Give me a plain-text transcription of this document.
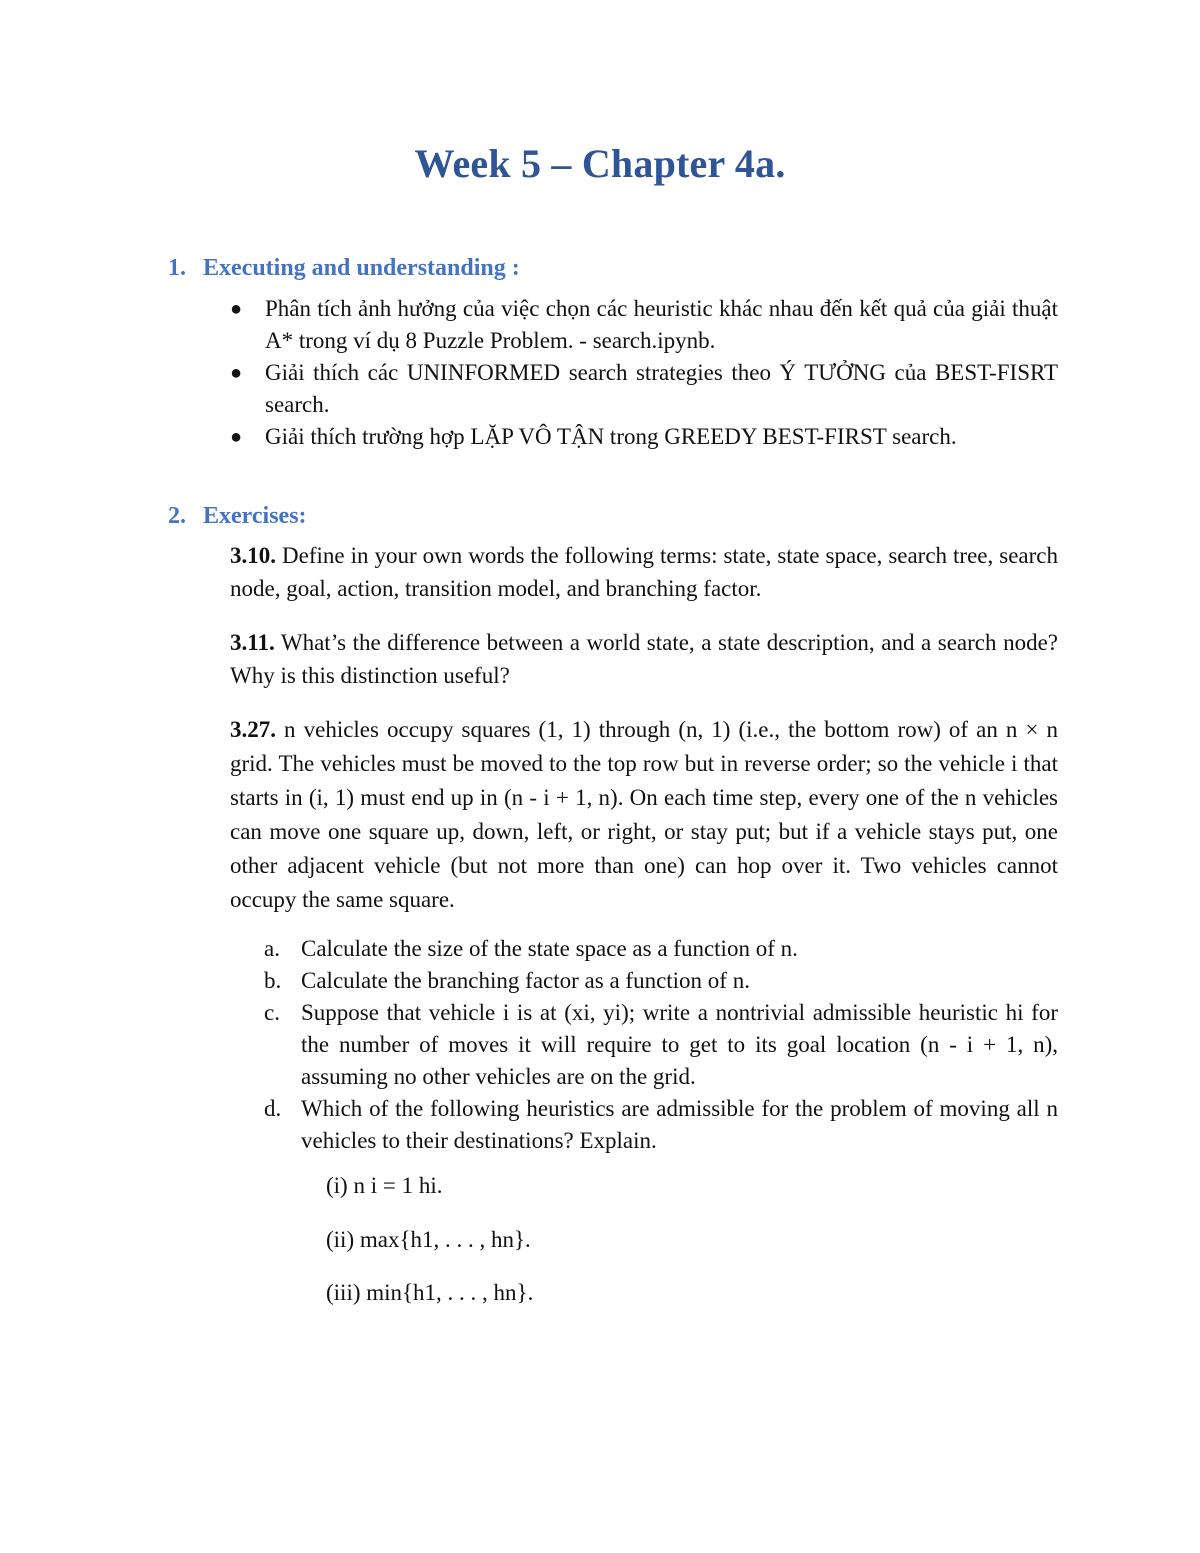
Week 5 – Chapter 4a.
1. Executing and understanding :
● Phân tích ảnh hưởng của việc chọn các heuristic khác nhau đến kết quả của giải thuật A* trong ví dụ 8 Puzzle Problem. - search.ipynb.
● Giải thích các UNINFORMED search strategies theo Ý TƯỞNG của BEST-FISRT search.
● Giải thích trường hợp LẶP VÔ TẬN trong GREEDY BEST-FIRST search.
2. Exercises:

3.10. Define in your own words the following terms: state, state space, search tree, search node, goal, action, transition model, and branching factor.

3.11. What’s the difference between a world state, a state description, and a search node? Why is this distinction useful?

3.27. n vehicles occupy squares (1, 1) through (n, 1) (i.e., the bottom row) of an n × n grid. The vehicles must be moved to the top row but in reverse order; so the vehicle i that starts in (i, 1) must end up in (n - i + 1, n). On each time step, every one of the n vehicles can move one square up, down, left, or right, or stay put; but if a vehicle stays put, one other adjacent vehicle (but not more than one) can hop over it. Two vehicles cannot occupy the same square.

a. Calculate the size of the state space as a function of n.
b. Calculate the branching factor as a function of n.
c. Suppose that vehicle i is at (xi, yi); write a nontrivial admissible heuristic hi for the number of moves it will require to get to its goal location (n - i + 1, n), assuming no other vehicles are on the grid.
d. Which of the following heuristics are admissible for the problem of moving all n vehicles to their destinations? Explain.
(i) n i = 1 hi.
(ii) max{h1, . . . , hn}.
(iii) min{h1, . . . , hn}.
